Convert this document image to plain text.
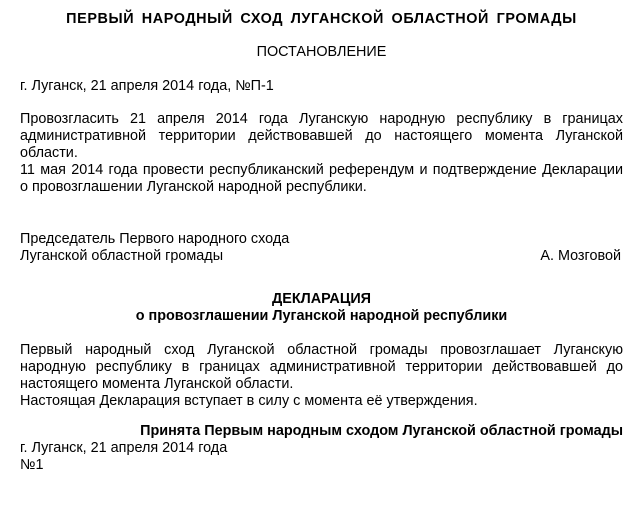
ПЕРВЫЙ НАРОДНЫЙ СХОД ЛУГАНСКОЙ ОБЛАСТНОЙ ГРОМАДЫ
ПОСТАНОВЛЕНИЕ
г. Луганск, 21 апреля 2014 года, №П-1
Провозгласить 21 апреля 2014 года Луганскую народную республику в границах административной территории действовавшей до настоящего момента Луганской области.
11 мая 2014 года провести республиканский референдум и подтверждение Декларации о провозглашении Луганской народной республики.
Председатель Первого народного схода
Луганской областной громады	А. Мозговой
ДЕКЛАРАЦИЯ
о провозглашении Луганской народной республики
Первый народный сход Луганской областной громады провозглашает Луганскую народную республику в границах административной территории действовавшей до настоящего момента Луганской области.
Настоящая Декларация вступает в силу с момента её утверждения.
Принята Первым народным сходом Луганской областной громады
г. Луганск, 21 апреля 2014 года
№1
